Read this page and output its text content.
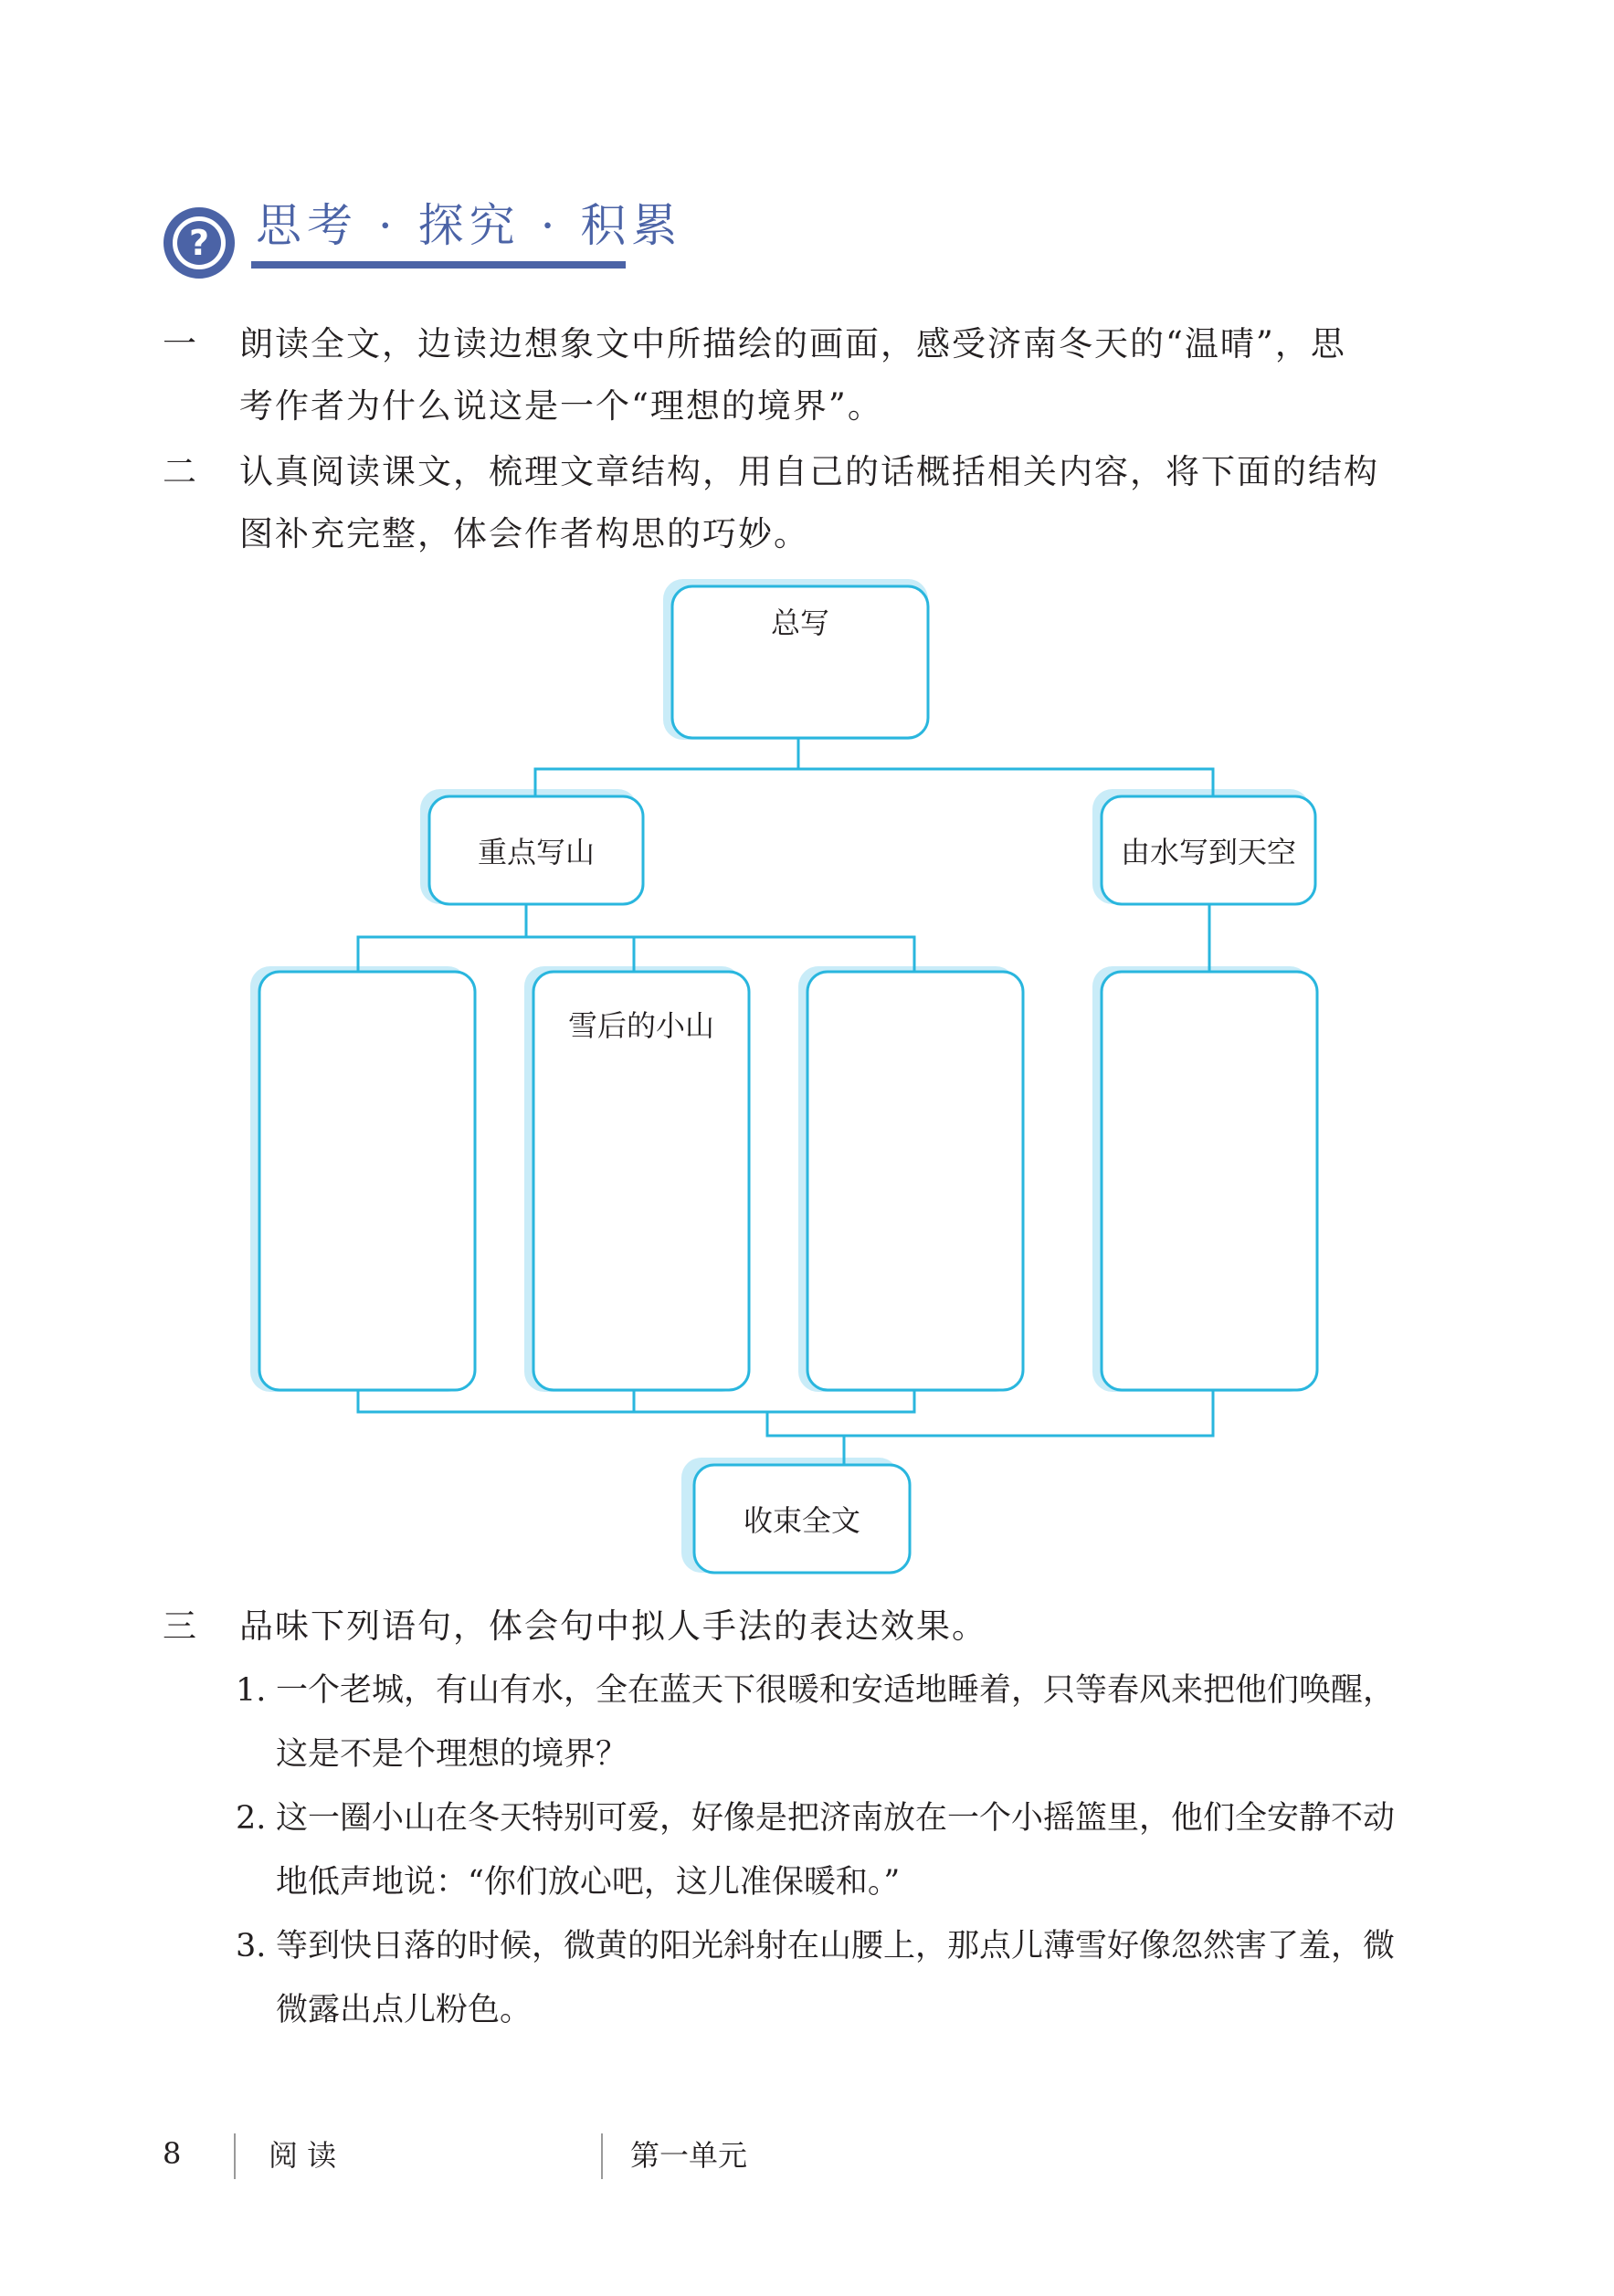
? 思考 · 探究 · 积累
一 朗读全文，边读边想象文中所描绘的画面，感受济南冬天的“温晴”，思
考作者为什么说这是一个“理想的境界”。
二 认真阅读课文，梳理文章结构，用自己的话概括相关内容，将下面的结构
图补充完整，体会作者构思的巧妙。
总写
重点写山	由水写到天空
雪后的小山
收束全文
三 品味下列语句，体会句中拟人手法的表达效果。
1. 一个老城，有山有水，全在蓝天下很暖和安适地睡着，只等春风来把他们唤醒，
这是不是个理想的境界？
2. 这一圈小山在冬天特别可爱，好像是把济南放在一个小摇篮里，他们全安静不动
地低声地说：“你们放心吧，这儿准保暖和。”
3. 等到快日落的时候，微黄的阳光斜射在山腰上，那点儿薄雪好像忽然害了羞，微
微露出点儿粉色。
8	阅 读	第一单元
